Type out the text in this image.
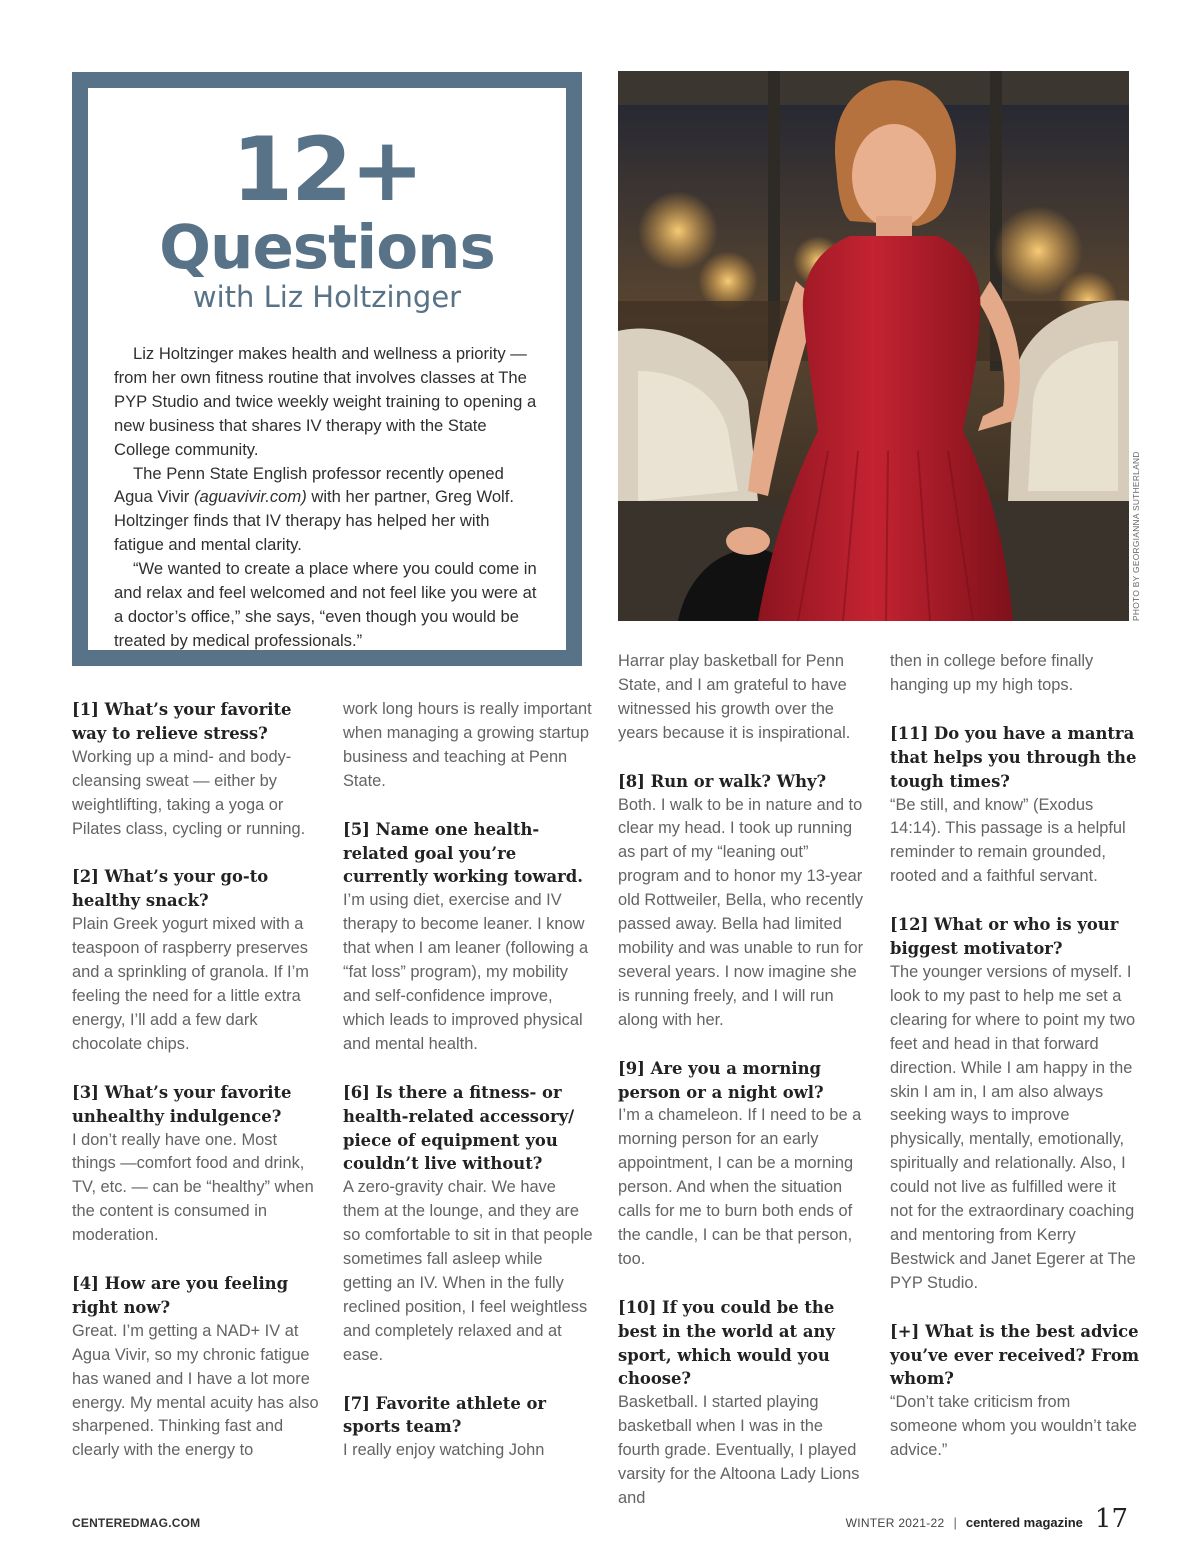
12+
Questions
with Liz Holtzinger

Liz Holtzinger makes health and wellness a priority — from her own fitness routine that involves classes at The PYP Studio and twice weekly weight training to opening a new business that shares IV therapy with the State College community.

The Penn State English professor recently opened Agua Vivir (aguavivir.com) with her partner, Greg Wolf. Holtzinger finds that IV therapy has helped her with fatigue and mental clarity.

“We wanted to create a place where you could come in and relax and feel welcomed and not feel like you were at a doctor’s office,” she says, “even though you would be treated by medical professionals.”

PHOTO BY GEORGIANNA SUTHERLAND
[1] What’s your favorite way to relieve stress?
Working up a mind- and body-cleansing sweat — either by weightlifting, taking a yoga or Pilates class, cycling or running.
[2] What’s your go-to healthy snack?
Plain Greek yogurt mixed with a teaspoon of raspberry preserves and a sprinkling of granola. If I’m feeling the need for a little extra energy, I’ll add a few dark chocolate chips.
[3] What’s your favorite unhealthy indulgence?
I don’t really have one. Most things —comfort food and drink, TV, etc. — can be “healthy” when the content is consumed in moderation.
[4] How are you feeling right now?
Great. I’m getting a NAD+ IV at Agua Vivir, so my chronic fatigue has waned and I have a lot more energy. My mental acuity has also sharpened. Thinking fast and clearly with the energy to
work long hours is really important when managing a growing startup business and teaching at Penn State.
[5] Name one health-related goal you’re currently working toward.
I’m using diet, exercise and IV therapy to become leaner. I know that when I am leaner (following a “fat loss” program), my mobility and self-confidence improve, which leads to improved physical and mental health.
[6] Is there a fitness- or health-related accessory/ piece of equipment you couldn’t live without?
A zero-gravity chair. We have them at the lounge, and they are so comfortable to sit in that people sometimes fall asleep while getting an IV. When in the fully reclined position, I feel weightless and completely relaxed and at ease.
[7] Favorite athlete or sports team?
I really enjoy watching John
Harrar play basketball for Penn State, and I am grateful to have witnessed his growth over the years because it is inspirational.
[8] Run or walk? Why?
Both. I walk to be in nature and to clear my head. I took up running as part of my “leaning out” program and to honor my 13-year old Rottweiler, Bella, who recently passed away. Bella had limited mobility and was unable to run for several years. I now imagine she is running freely, and I will run along with her.
[9] Are you a morning person or a night owl?
I’m a chameleon. If I need to be a morning person for an early appointment, I can be a morning person. And when the situation calls for me to burn both ends of the candle, I can be that person, too.
[10] If you could be the best in the world at any sport, which would you choose?
Basketball. I started playing basketball when I was in the fourth grade. Eventually, I played varsity for the Altoona Lady Lions and
then in college before finally hanging up my high tops.
[11] Do you have a mantra that helps you through the tough times?
“Be still, and know” (Exodus 14:14). This passage is a helpful reminder to remain grounded, rooted and a faithful servant.
[12] What or who is your biggest motivator?
The younger versions of myself. I look to my past to help me set a clearing for where to point my two feet and head in that forward direction. While I am happy in the skin I am in, I am also always seeking ways to improve physically, mentally, emotionally, spiritually and relationally. Also, I could not live as fulfilled were it not for the extraordinary coaching and mentoring from Kerry Bestwick and Janet Egerer at The PYP Studio.
[+] What is the best advice you’ve ever received? From whom?
“Don’t take criticism from someone whom you wouldn’t take advice.”
CENTEREDMAG.COM	WINTER 2021-22 | centered magazine 17
